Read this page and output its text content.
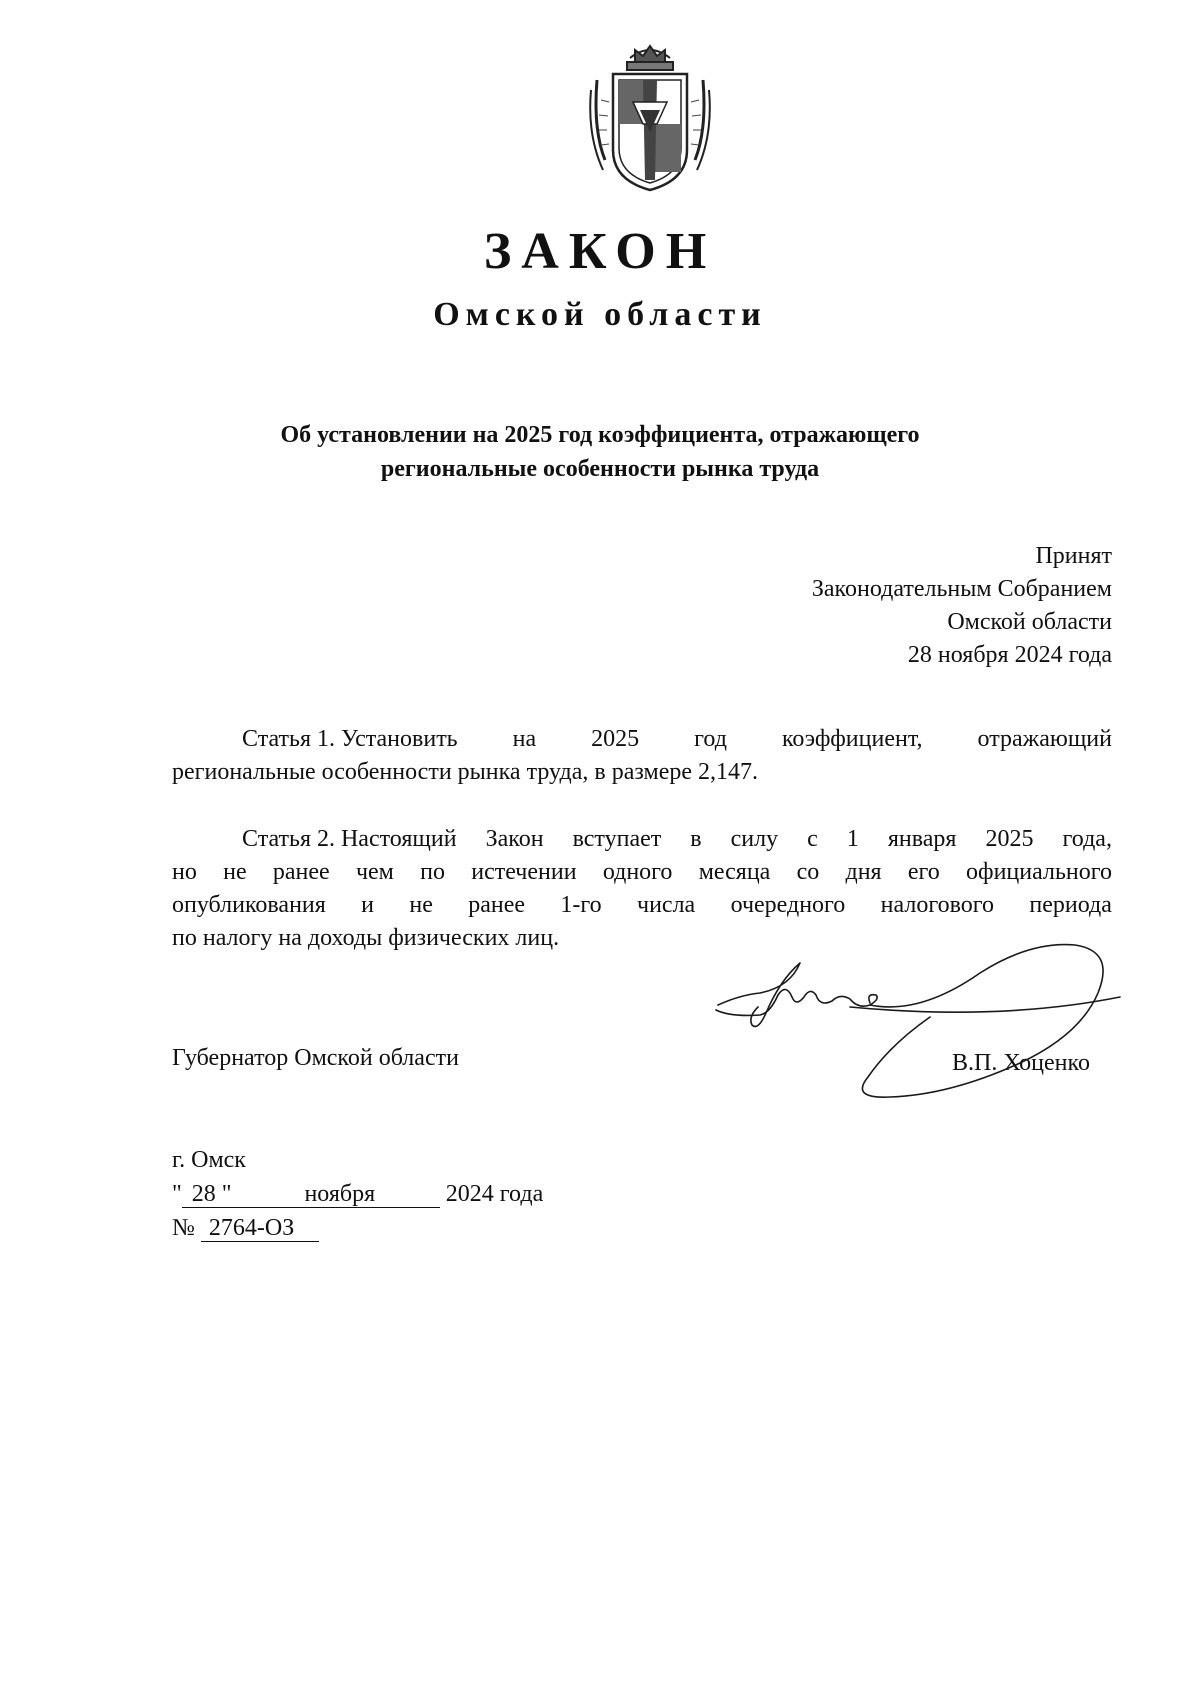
ЗАКОН
Омской области
Об установлении на 2025 год коэффициента, отражающего
региональные особенности рынка труда
Принят
Законодательным Собранием
Омской области
28 ноября 2024 года
Статья 1. Установить на 2025 год коэффициент, отражающий
региональные особенности рынка труда, в размере 2,147.
Статья 2. Настоящий Закон вступает в силу с 1 января 2025 года,
но не ранее чем по истечении одного месяца со дня его официального
опубликования и не ранее 1-го числа очередного налогового периода
по налогу на доходы физических лиц.
Губернатор Омской области	В.П. Хоценко
г. Омск
" 28 "	ноября	2024 года
№ 2764-ОЗ
